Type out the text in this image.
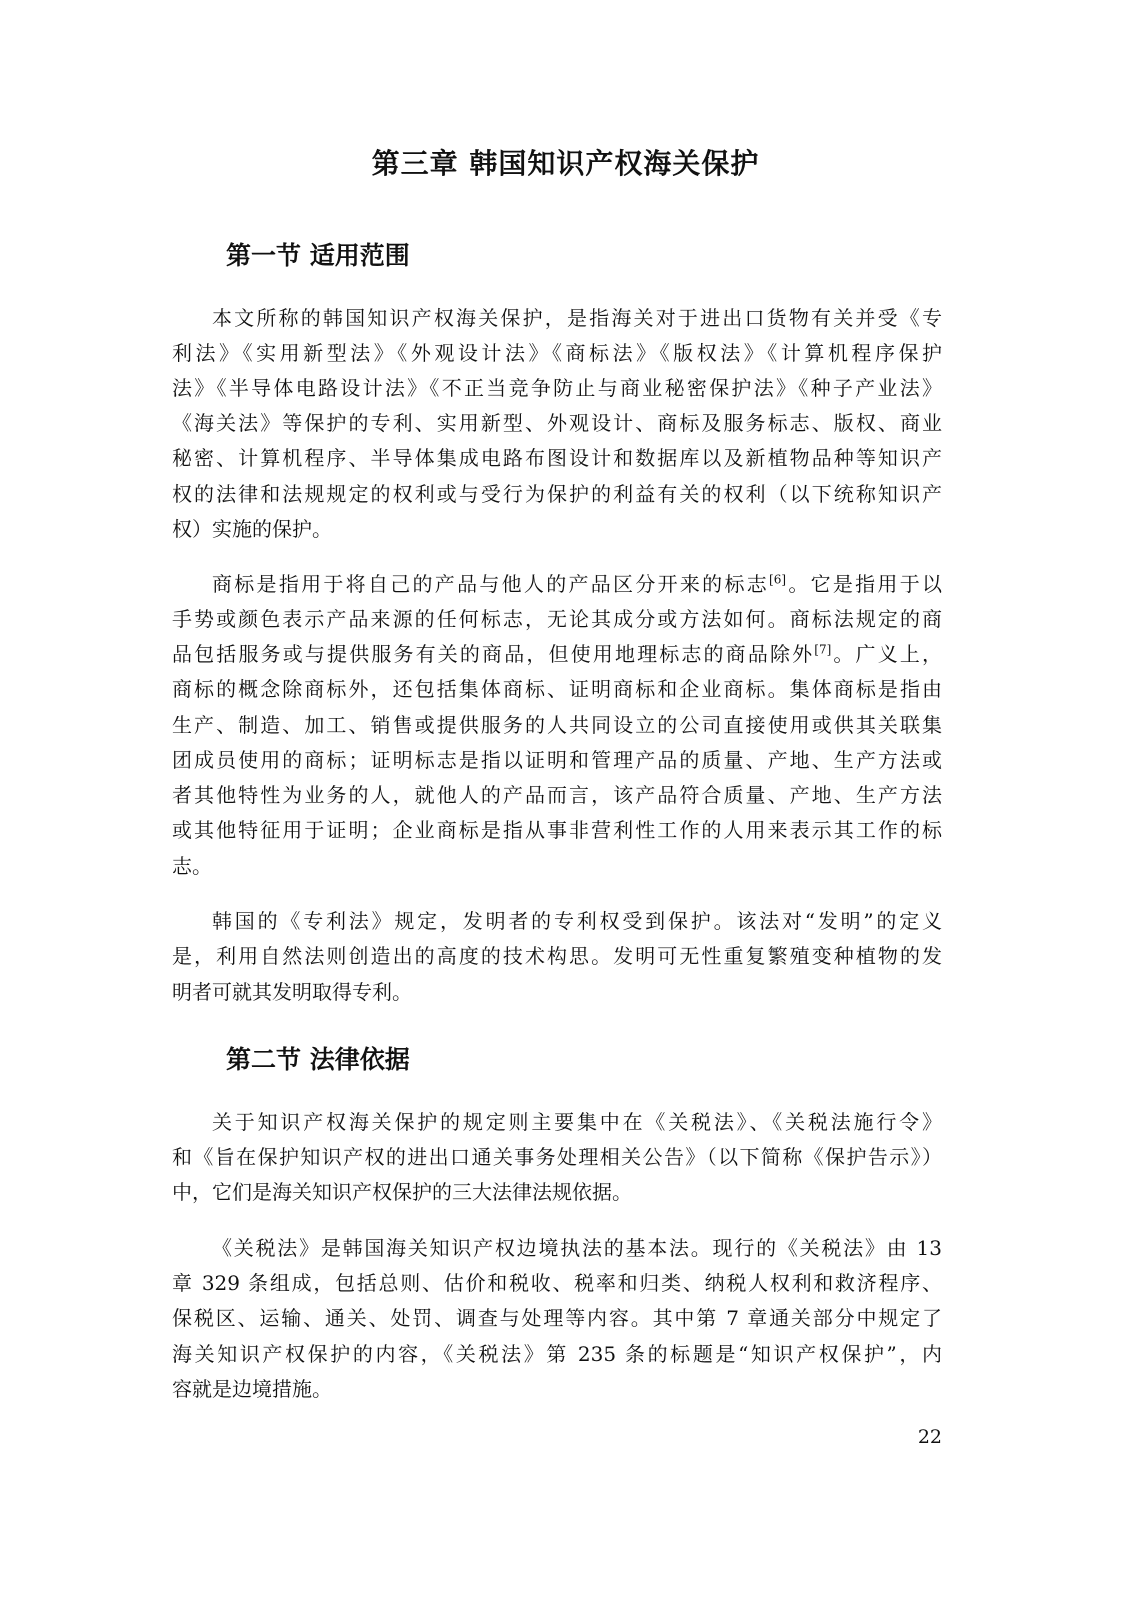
第三章 韩国知识产权海关保护
第一节 适用范围

本文所称的韩国知识产权海关保护，是指海关对于进出口货物有关并受《专

利法》《实用新型法》《外观设计法》《商标法》《版权法》《计算机程序保护

法》《半导体电路设计法》《不正当竞争防止与商业秘密保护法》《种子产业法》

《海关法》等保护的专利、实用新型、外观设计、商标及服务标志、版权、商业

秘密、计算机程序、半导体集成电路布图设计和数据库以及新植物品种等知识产

权的法律和法规规定的权利或与受行为保护的利益有关的权利（以下统称知识产

权）实施的保护。

商标是指用于将自己的产品与他人的产品区分开来的标志[6]。它是指用于以

手势或颜色表示产品来源的任何标志，无论其成分或方法如何。商标法规定的商

品包括服务或与提供服务有关的商品，但使用地理标志的商品除外[7]。广义上，

商标的概念除商标外，还包括集体商标、证明商标和企业商标。集体商标是指由

生产、制造、加工、销售或提供服务的人共同设立的公司直接使用或供其关联集

团成员使用的商标；证明标志是指以证明和管理产品的质量、产地、生产方法或

者其他特性为业务的人，就他人的产品而言，该产品符合质量、产地、生产方法

或其他特征用于证明；企业商标是指从事非营利性工作的人用来表示其工作的标

志。

韩国的《专利法》规定，发明者的专利权受到保护。该法对“发明”的定义

是，利用自然法则创造出的高度的技术构思。发明可无性重复繁殖变种植物的发

明者可就其发明取得专利。

第二节 法律依据

关于知识产权海关保护的规定则主要集中在《关税法》、《关税法施行令》

和《旨在保护知识产权的进出口通关事务处理相关公告》（以下简称《保护告示》）

中，它们是海关知识产权保护的三大法律法规依据。

《关税法》是韩国海关知识产权边境执法的基本法。现行的《关税法》由 13

章 329 条组成，包括总则、估价和税收、税率和归类、纳税人权利和救济程序、

保税区、运输、通关、处罚、调查与处理等内容。其中第 7 章通关部分中规定了

海关知识产权保护的内容，《关税法》第 235 条的标题是“知识产权保护”，内

容就是边境措施。

22
